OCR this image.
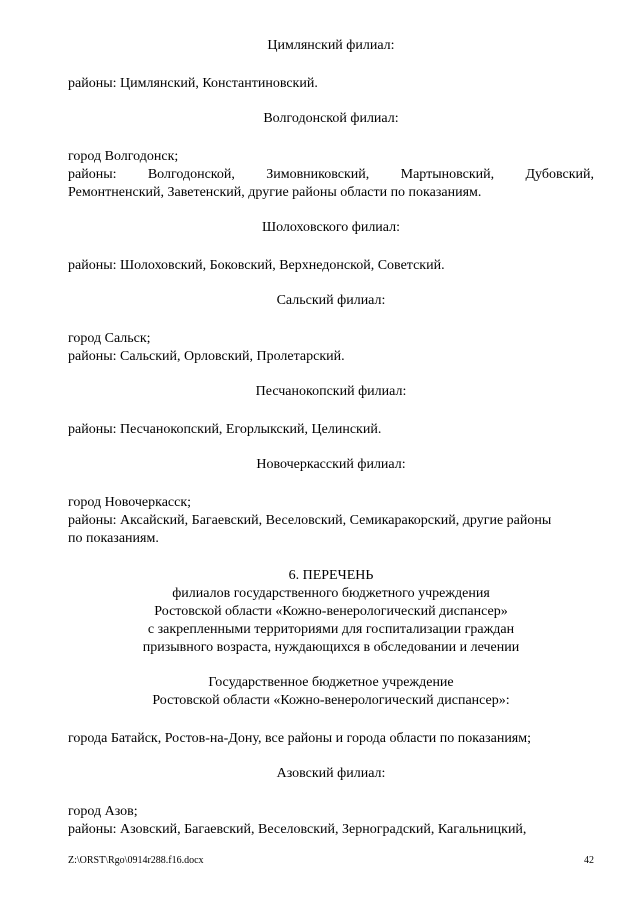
Цимлянский филиал:

районы: Цимлянский, Константиновский.

Волгодонской филиал:

город Волгодонск;

районы: Волгодонской, Зимовниковский, Мартыновский, Дубовский,

Ремонтненский, Заветенский, другие районы области по показаниям.

Шолоховского филиал:

районы: Шолоховский, Боковский, Верхнедонской, Советский.

Сальский филиал:

город Сальск;

районы: Сальский, Орловский, Пролетарский.

Песчанокопский филиал:

районы: Песчанокопский, Егорлыкский, Целинский.

Новочеркасский филиал:

город Новочеркасск;

районы: Аксайский, Багаевский, Веселовский, Семикаракорский, другие районы

по показаниям.

6. ПЕРЕЧЕНЬ

филиалов государственного бюджетного учреждения

Ростовской области «Кожно-венерологический диспансер»

с закрепленными территориями для госпитализации граждан

призывного возраста, нуждающихся в обследовании и лечении

Государственное бюджетное учреждение

Ростовской области «Кожно-венерологический диспансер»:

города Батайск, Ростов-на-Дону, все районы и города области по показаниям;

Азовский филиал:

город Азов;

районы: Азовский, Багаевский, Веселовский, Зерноградский, Кагальницкий,

Z:\ORST\Rgo\0914r288.f16.docx	42
